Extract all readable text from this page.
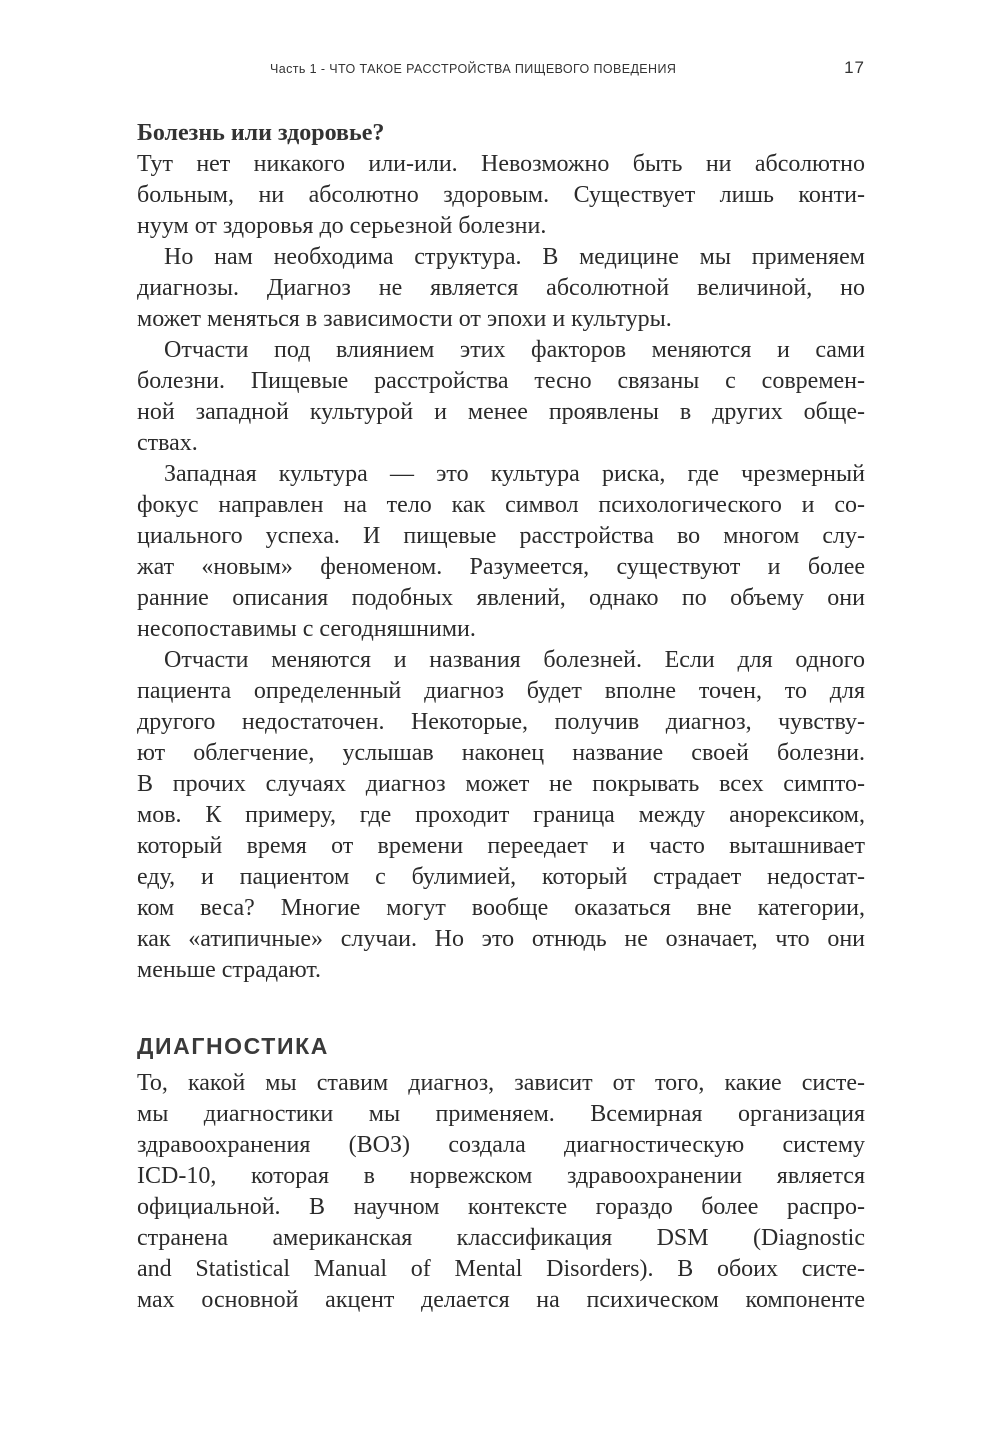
Часть 1 - ЧТО ТАКОЕ РАССТРОЙСТВА ПИЩЕВОГО ПОВЕДЕНИЯ	17
Болезнь или здоровье?
Тут нет никакого или-или. Невозможно быть ни абсолютно
больным, ни абсолютно здоровым. Существует лишь конти-
нуум от здоровья до серьезной болезни.
Но нам необходима структура. В медицине мы применяем
диагнозы. Диагноз не является абсолютной величиной, но
может меняться в зависимости от эпохи и культуры.
Отчасти под влиянием этих факторов меняются и сами
болезни. Пищевые расстройства тесно связаны с современ-
ной западной культурой и менее проявлены в других обще-
ствах.
Западная культура — это культура риска, где чрезмерный
фокус направлен на тело как символ психологического и со-
циального успеха. И пищевые расстройства во многом слу-
жат «новым» феноменом. Разумеется, существуют и более
ранние описания подобных явлений, однако по объему они
несопоставимы с сегодняшними.
Отчасти меняются и названия болезней. Если для одного
пациента определенный диагноз будет вполне точен, то для
другого недостаточен. Некоторые, получив диагноз, чувству-
ют облегчение, услышав наконец название своей болезни.
В прочих случаях диагноз может не покрывать всех симпто-
мов. К примеру, где проходит граница между анорексиком,
который время от времени переедает и часто выташнивает
еду, и пациентом с булимией, который страдает недостат-
ком веса? Многие могут вообще оказаться вне категории,
как «атипичные» случаи. Но это отнюдь не означает, что они
меньше страдают.
ДИАГНОСТИКА
То, какой мы ставим диагноз, зависит от того, какие систе-
мы диагностики мы применяем. Всемирная организация
здравоохранения (ВОЗ) создала диагностическую систему
ICD-10, которая в норвежском здравоохранении является
официальной. В научном контексте гораздо более распро-
странена американская классификация DSM (Diagnostic
and Statistical Manual of Mental Disorders). В обоих систе-
мах основной акцент делается на психическом компоненте
